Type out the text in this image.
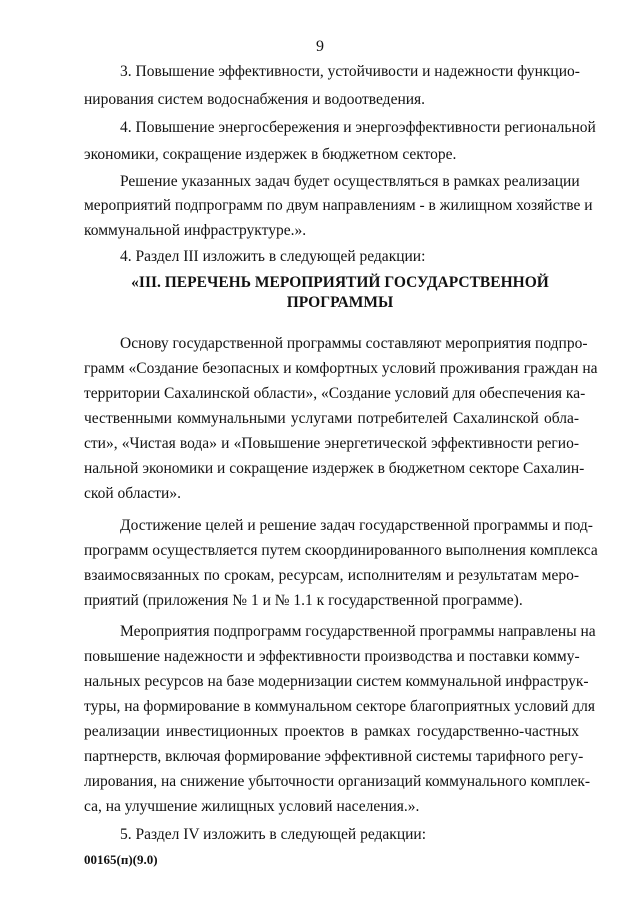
9
3. Повышение эффективности, устойчивости и надежности функцио-
нирования систем водоснабжения и водоотведения.
4. Повышение энергосбережения и энергоэффективности региональной
экономики, сокращение издержек в бюджетном секторе.
Решение указанных задач будет осуществляться в рамках реализации
мероприятий подпрограмм по двум направлениям - в жилищном хозяйстве и
коммунальной инфраструктуре.».
4. Раздел III изложить в следующей редакции:
«III. ПЕРЕЧЕНЬ МЕРОПРИЯТИЙ ГОСУДАРСТВЕННОЙ
ПРОГРАММЫ
Основу государственной программы составляют мероприятия подпро-
грамм «Создание безопасных и комфортных условий проживания граждан на
территории Сахалинской области», «Создание условий для обеспечения ка-
чественными коммунальными услугами потребителей Сахалинской обла-
сти», «Чистая вода» и «Повышение энергетической эффективности регио-
нальной экономики и сокращение издержек в бюджетном секторе Сахалин-
ской области».
Достижение целей и решение задач государственной программы и под-
программ осуществляется путем скоординированного выполнения комплекса
взаимосвязанных по срокам, ресурсам, исполнителям и результатам меро-
приятий (приложения № 1 и № 1.1 к государственной программе).
Мероприятия подпрограмм государственной программы направлены на
повышение надежности и эффективности производства и поставки комму-
нальных ресурсов на базе модернизации систем коммунальной инфраструк-
туры, на формирование в коммунальном секторе благоприятных условий для
реализации инвестиционных проектов в рамках государственно-частных
партнерств, включая формирование эффективной системы тарифного регу-
лирования, на снижение убыточности организаций коммунального комплек-
са, на улучшение жилищных условий населения.».
5. Раздел IV изложить в следующей редакции:
00165(п)(9.0)
